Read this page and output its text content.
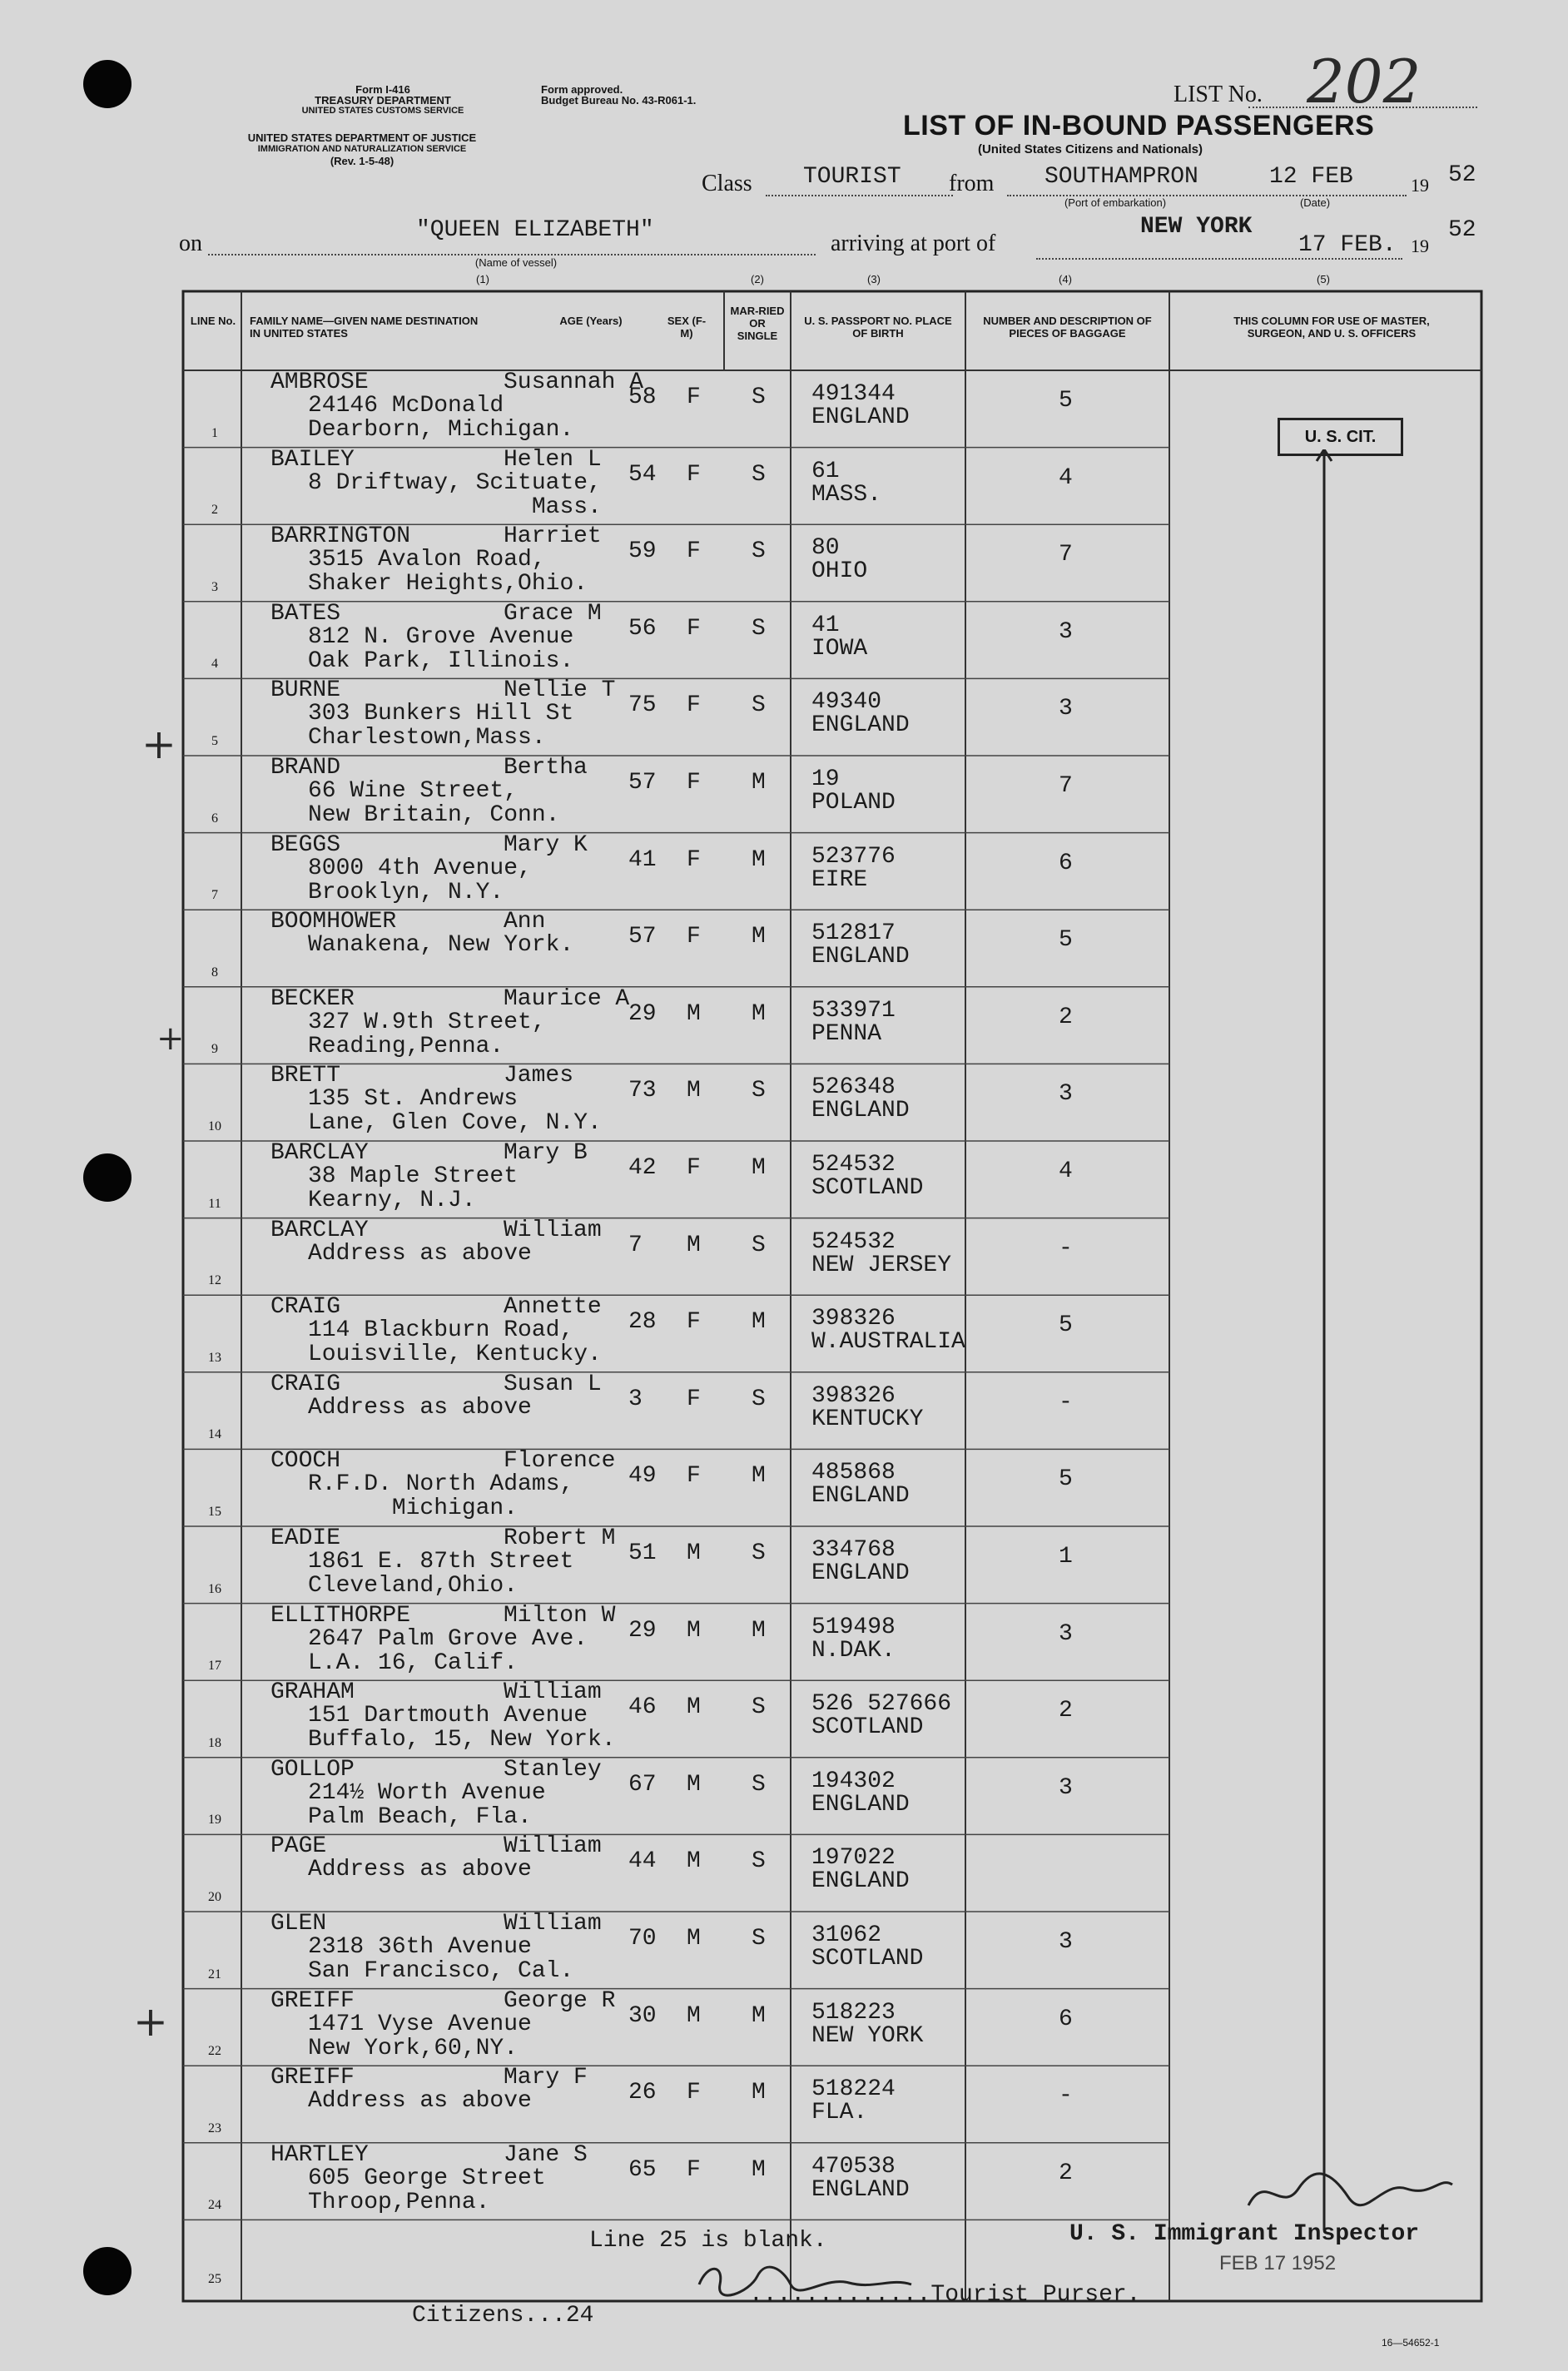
Form I-416
TREASURY DEPARTMENT
UNITED STATES CUSTOMS SERVICE
UNITED STATES DEPARTMENT OF JUSTICE
IMMIGRATION AND NATURALIZATION SERVICE
(Rev. 1-5-48)
Form approved.
Budget Bureau No. 43-R061-1.	LIST No. 202
LIST OF IN-BOUND PASSENGERS
(United States Citizens and Nationals)
Class TOURIST from SOUTHAMPRON	12 FEB	19 52
(Port of embarkation)	(Date)
on
"QUEEN ELIZABETH"
arriving at port of
NEW YORK
17 FEB. 19
52
(Name of vessel)
(1)	(2)	(3)	(4)	(5)
LINE No. FAMILY NAME—GIVEN NAME DESTINATION IN UNITED STATES
AGE (Years)	SEX (F-M)
MAR-RIED OR SINGLE
U. S. PASSPORT NO. PLACE OF BIRTH
NUMBER AND DESCRIPTION OF PIECES OF BAGGAGE
THIS COLUMN FOR USE OF MASTER, SURGEON, AND U. S. OFFICERS
1
AMBROSE	Susannah A
24146 McDonald
Dearborn, Michigan.
58 F S 491344
ENGLAND
5
2
BAILEY	Helen L
8 Driftway, Scituate,
Mass.
54 F S 61
MASS.
4
3
BARRINGTON	Harriet
3515 Avalon Road,
Shaker Heights,Ohio.
59 F S 80
OHIO
7
4
BATES	Grace M
812 N. Grove Avenue
Oak Park, Illinois.
56 F S 41
IOWA
3
5
BURNE	Nellie T
303 Bunkers Hill St
Charlestown,Mass.
75 F S 49340
ENGLAND
3
6
BRAND	Bertha
66 Wine Street,
New Britain, Conn.
57 F M 19
POLAND
7
7
BEGGS	Mary K
8000 4th Avenue,
Brooklyn, N.Y.
41 F M 523776
EIRE
6
8
BOOMHOWER	Ann
Wanakena, New York. 57 F M 512817
ENGLAND
5
9
BECKER	Maurice A
327 W.9th Street,
Reading,Penna.
29 M M 533971
PENNA
2
10
BRETT	James
135 St. Andrews
Lane, Glen Cove, N.Y.
73 M S 526348
ENGLAND
3
11
BARCLAY	Mary B
38 Maple Street
Kearny, N.J.
42 F M 524532
SCOTLAND
4
12
BARCLAY	William
Address as above	7 M S 524532
NEW JERSEY
-
13
CRAIG	Annette
114 Blackburn Road,
Louisville, Kentucky.
28 F M 398326
W.AUSTRALIA
5
14
CRAIG	Susan L
Address as above	3 F S 398326
KENTUCKY
-
15
COOCH	Florence
R.F.D. North Adams,
Michigan.
49 F M 485868
ENGLAND
5
16
EADIE	Robert M
1861 E. 87th Street
Cleveland,Ohio.
51 M S 334768
ENGLAND
1
17
ELLITHORPE	Milton W
2647 Palm Grove Ave.
L.A. 16, Calif.
29 M M 519498
N.DAK.
3
18
GRAHAM	William
151 Dartmouth Avenue
Buffalo, 15, New York.
46 M S 526 527666
SCOTLAND
2
19
GOLLOP	Stanley
214½ Worth Avenue
Palm Beach, Fla.
67 M S 194302
ENGLAND
3
20
PAGE	William
Address as above	44 M S 197022
ENGLAND
21
GLEN	William
2318 36th Avenue
San Francisco, Cal.
70 M S 31062
SCOTLAND
3
22
GREIFF	George R
1471 Vyse Avenue
New York,60,NY.
30 M M 518223
NEW YORK
6
23
GREIFF	Mary F
Address as above	26 F M 518224
FLA.
-
24
HARTLEY	Jane S
605 George Street
Throop,Penna.
65 F M 470538
ENGLAND
2
U. S. CIT.
25
Line 25 is blank.	U. S. Immigrant Inspector
FEB 17 1952
Citizens...24
.............Tourist Purser.
16—54652-1
+
+
+
